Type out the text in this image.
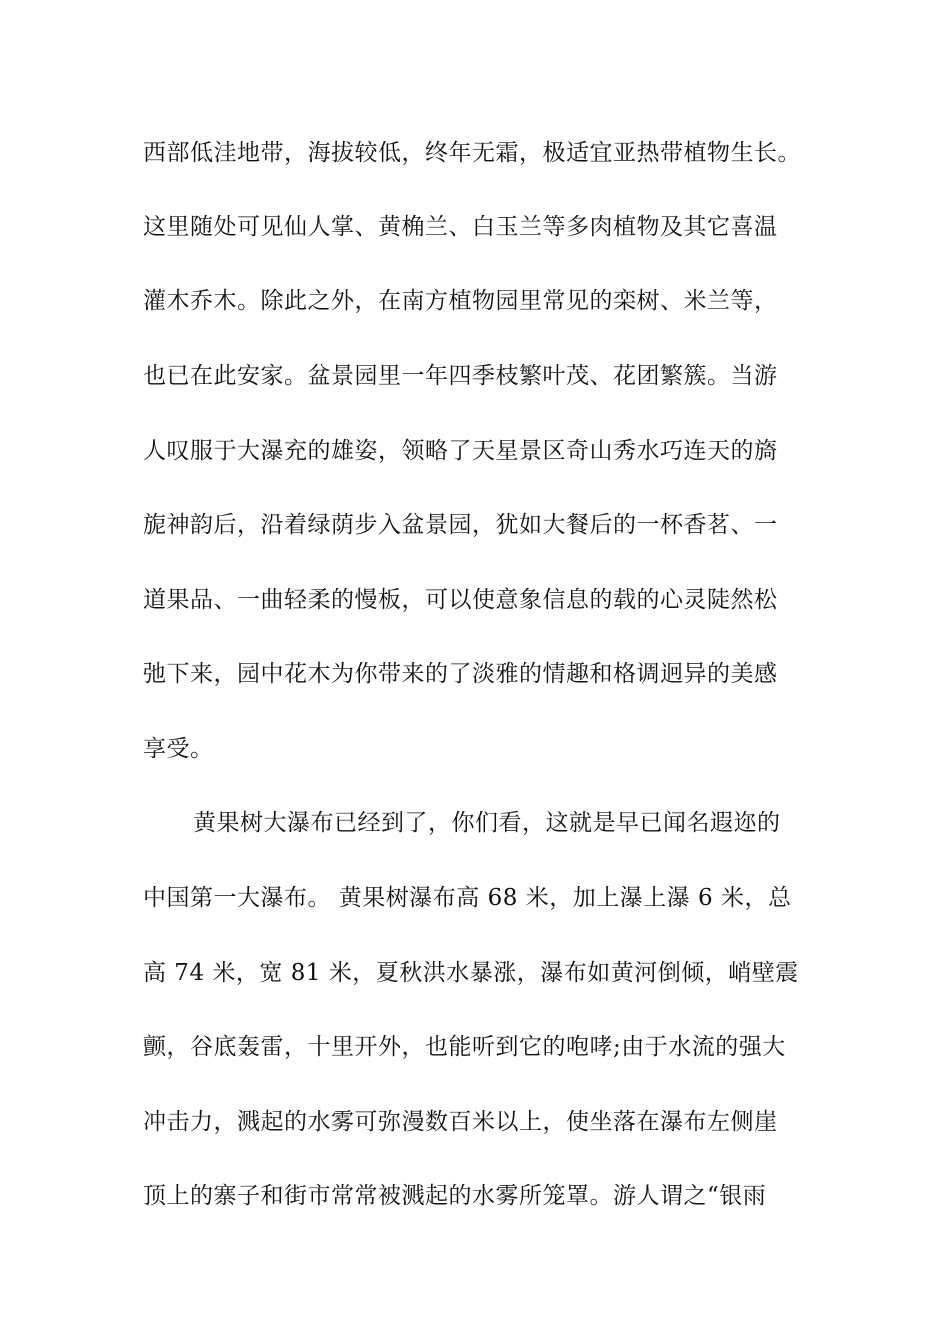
西部低洼地带，海拔较低，终年无霜，极适宜亚热带植物生长。
这里随处可见仙人掌、黄桷兰、白玉兰等多肉植物及其它喜温
灌木乔木。除此之外，在南方植物园里常见的栾树、米兰等，
也已在此安家。盆景园里一年四季枝繁叶茂、花团繁簇。当游
人叹服于大瀑充的雄姿，领略了天星景区奇山秀水巧连天的旖
旎神韵后，沿着绿荫步入盆景园，犹如大餐后的一杯香茗、一
道果品、一曲轻柔的慢板，可以使意象信息的载的心灵陡然松
弛下来，园中花木为你带来的了淡雅的情趣和格调迥异的美感
享受。
黄果树大瀑布已经到了，你们看，这就是早已闻名遐迩的
中国第一大瀑布。 黄果树瀑布高 68 米，加上瀑上瀑 6 米，总
高 74 米，宽 81 米，夏秋洪水暴涨，瀑布如黄河倒倾，峭壁震
颤，谷底轰雷，十里开外，也能听到它的咆哮;由于水流的强大
冲击力，溅起的水雾可弥漫数百米以上，使坐落在瀑布左侧崖
顶上的寨子和街市常常被溅起的水雾所笼罩。游人谓之“银雨
